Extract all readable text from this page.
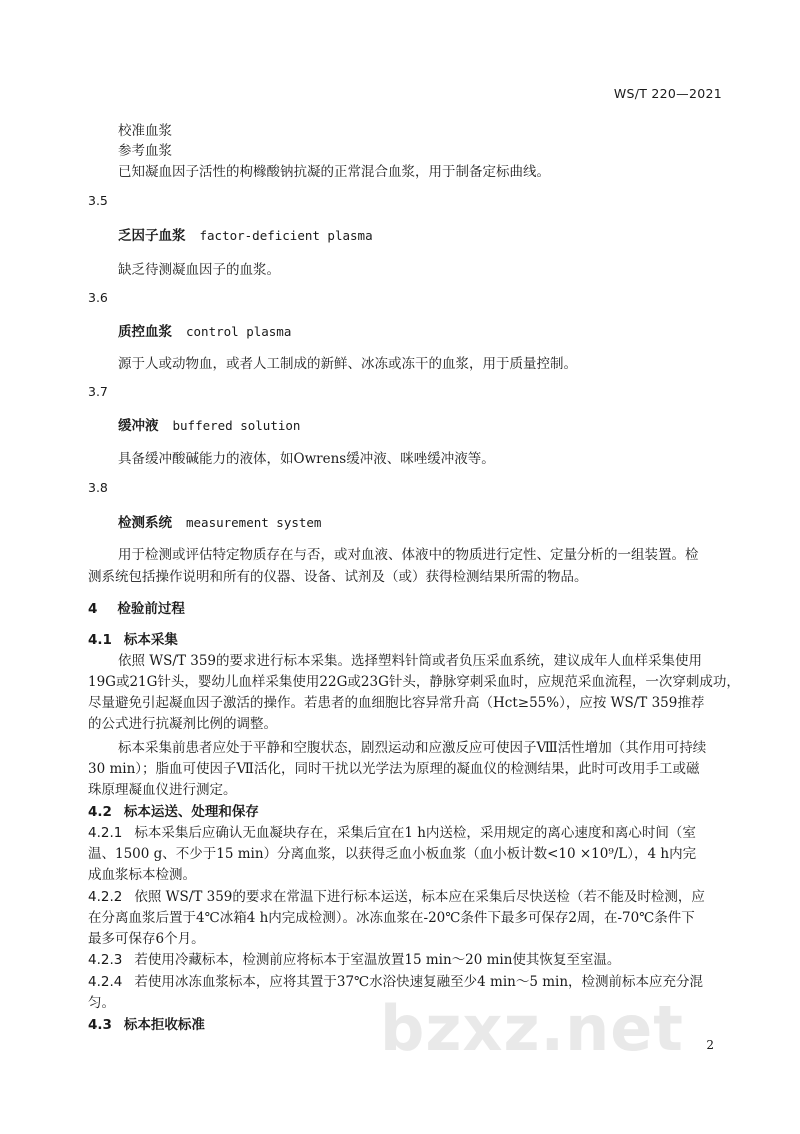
WS/T 220—2021
校准血浆
参考血浆
已知凝血因子活性的枸橼酸钠抗凝的正常混合血浆，用于制备定标曲线。
3.5
乏因子血浆 factor-deficient plasma
缺乏待测凝血因子的血浆。
3.6
质控血浆 control plasma
源于人或动物血，或者人工制成的新鲜、冰冻或冻干的血浆，用于质量控制。
3.7
缓冲液 buffered solution
具备缓冲酸碱能力的液体，如Owrens缓冲液、咪唑缓冲液等。
3.8
检测系统 measurement system
用于检测或评估特定物质存在与否，或对血液、体液中的物质进行定性、定量分析的一组装置。检
测系统包括操作说明和所有的仪器、设备、试剂及（或）获得检测结果所需的物品。
4 检验前过程
4.1 标本采集
依照 WS/T 359的要求进行标本采集。选择塑料针筒或者负压采血系统，建议成年人血样采集使用
19G或21G针头，婴幼儿血样采集使用22G或23G针头，静脉穿刺采血时，应规范采血流程，一次穿刺成功，
尽量避免引起凝血因子激活的操作。若患者的血细胞比容异常升高（Hct≥55%），应按 WS/T 359推荐
的公式进行抗凝剂比例的调整。
标本采集前患者应处于平静和空腹状态，剧烈运动和应激反应可使因子Ⅷ活性增加（其作用可持续
30 min）；脂血可使因子Ⅶ活化，同时干扰以光学法为原理的凝血仪的检测结果，此时可改用手工或磁
珠原理凝血仪进行测定。
4.2 标本运送、处理和保存
4.2.1 标本采集后应确认无血凝块存在，采集后宜在1 h内送检，采用规定的离心速度和离心时间（室
温、1500 g、不少于15 min）分离血浆，以获得乏血小板血浆（血小板计数<10 ×10⁹/L），4 h内完
成血浆标本检测。
4.2.2 依照 WS/T 359的要求在常温下进行标本运送，标本应在采集后尽快送检（若不能及时检测，应
在分离血浆后置于4℃冰箱4 h内完成检测）。冰冻血浆在-20℃条件下最多可保存2周，在-70℃条件下
最多可保存6个月。
4.2.3 若使用冷藏标本，检测前应将标本于室温放置15 min～20 min使其恢复至室温。
4.2.4 若使用冰冻血浆标本，应将其置于37℃水浴快速复融至少4 min～5 min，检测前标本应充分混
匀。
4.3 标本拒收标准	bzxz.net 2
